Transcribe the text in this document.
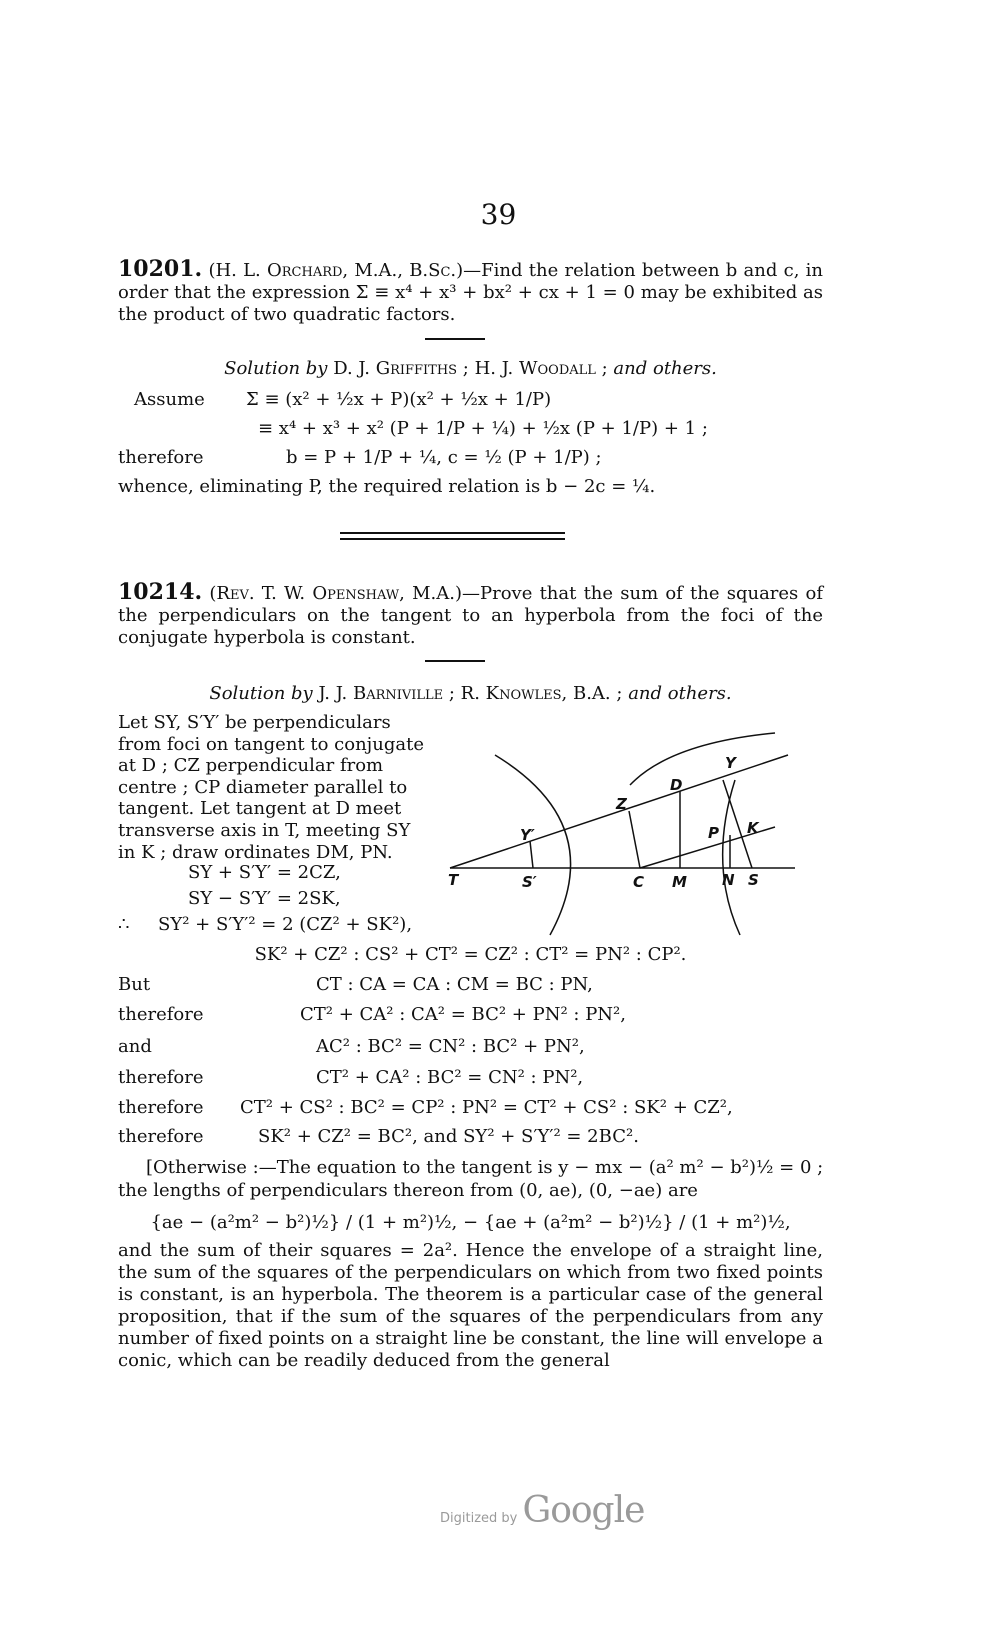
39
10201. (H. L. Orchard, M.A., B.Sc.)—Find the relation between b and c, in order that the expression Σ ≡ x⁴ + x³ + bx² + cx + 1 = 0 may be exhibited as the product of two quadratic factors.
Solution by D. J. Griffiths ; H. J. Woodall ; and others.
Assume Σ ≡ (x² + ½x + P)(x² + ½x + 1/P)
≡ x⁴ + x³ + x² (P + 1/P + ¼) + ½x (P + 1/P) + 1 ;
therefore	b = P + 1/P + ¼, c = ½ (P + 1/P) ;
whence, eliminating P, the required relation is b − 2c = ¼.
10214. (Rev. T. W. Openshaw, M.A.)—Prove that the sum of the squares of the perpendiculars on the tangent to an hyperbola from the foci of the conjugate hyperbola is constant.
Solution by J. J. Barniville ; R. Knowles, B.A. ; and others.
Let SY, S′Y′ be perpendiculars
from foci on tangent to conjugate
at D ; CZ perpendicular from
centre ; CP diameter parallel to
tangent. Let tangent at D meet
transverse axis in T, meeting SY
in K ; draw ordinates DM, PN.
SY + S′Y′ = 2CZ,
SY − S′Y′ = 2SK,
∴ SY² + S′Y′² = 2 (CZ² + SK²),
T	S′	C M N S
Y′
Z
D
Y
P K
SK² + CZ² : CS² + CT² = CZ² : CT² = PN² : CP².
But	CT : CA = CA : CM = BC : PN,
therefore	CT² + CA² : CA² = BC² + PN² : PN²,
and	AC² : BC² = CN² : BC² + PN²,
therefore	CT² + CA² : BC² = CN² : PN²,
therefore CT² + CS² : BC² = CP² : PN² = CT² + CS² : SK² + CZ²,
therefore	SK² + CZ² = BC², and SY² + S′Y′² = 2BC².
[Otherwise :—The equation to the tangent is y − mx − (a² m² − b²)½ = 0 ;
the lengths of perpendiculars thereon from (0, ae), (0, −ae) are
{ae − (a²m² − b²)½} / (1 + m²)½, − {ae + (a²m² − b²)½} / (1 + m²)½,
and the sum of their squares = 2a². Hence the envelope of a straight line, the sum of the squares of the perpendiculars on which from two fixed points is constant, is an hyperbola. The theorem is a particular case of the general proposition, that if the sum of the squares of the perpendiculars from any number of fixed points on a straight line be constant, the line will envelope a conic, which can be readily deduced from the general
Digitized by Google
